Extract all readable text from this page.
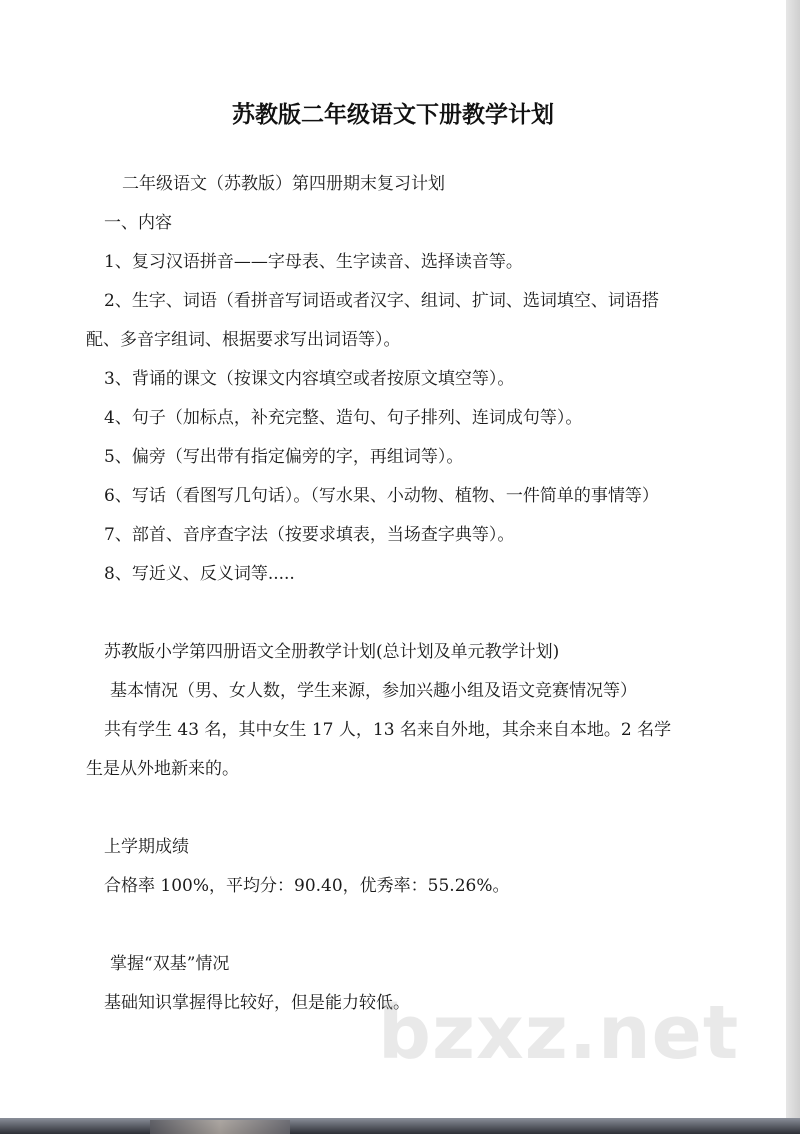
苏教版二年级语文下册教学计划
二年级语文（苏教版）第四册期末复习计划
一、内容
1、复习汉语拼音——字母表、生字读音、选择读音等。
2、生字、词语（看拼音写词语或者汉字、组词、扩词、选词填空、词语搭
配、多音字组词、根据要求写出词语等）。
3、背诵的课文（按课文内容填空或者按原文填空等）。
4、句子（加标点，补充完整、造句、句子排列、连词成句等）。
5、偏旁（写出带有指定偏旁的字，再组词等）。
6、写话（看图写几句话）。（写水果、小动物、植物、一件简单的事情等）
7、部首、音序查字法（按要求填表，当场查字典等）。
8、写近义、反义词等.....
苏教版小学第四册语文全册教学计划(总计划及单元教学计划)
基本情况（男、女人数，学生来源，参加兴趣小组及语文竞赛情况等）
共有学生 43 名，其中女生 17 人，13 名来自外地，其余来自本地。2 名学
生是从外地新来的。
上学期成绩
合格率 100%，平均分：90.40，优秀率：55.26%。
掌握“双基”情况
基础知识掌握得比较好，但是能力较低。
bzxz.net
